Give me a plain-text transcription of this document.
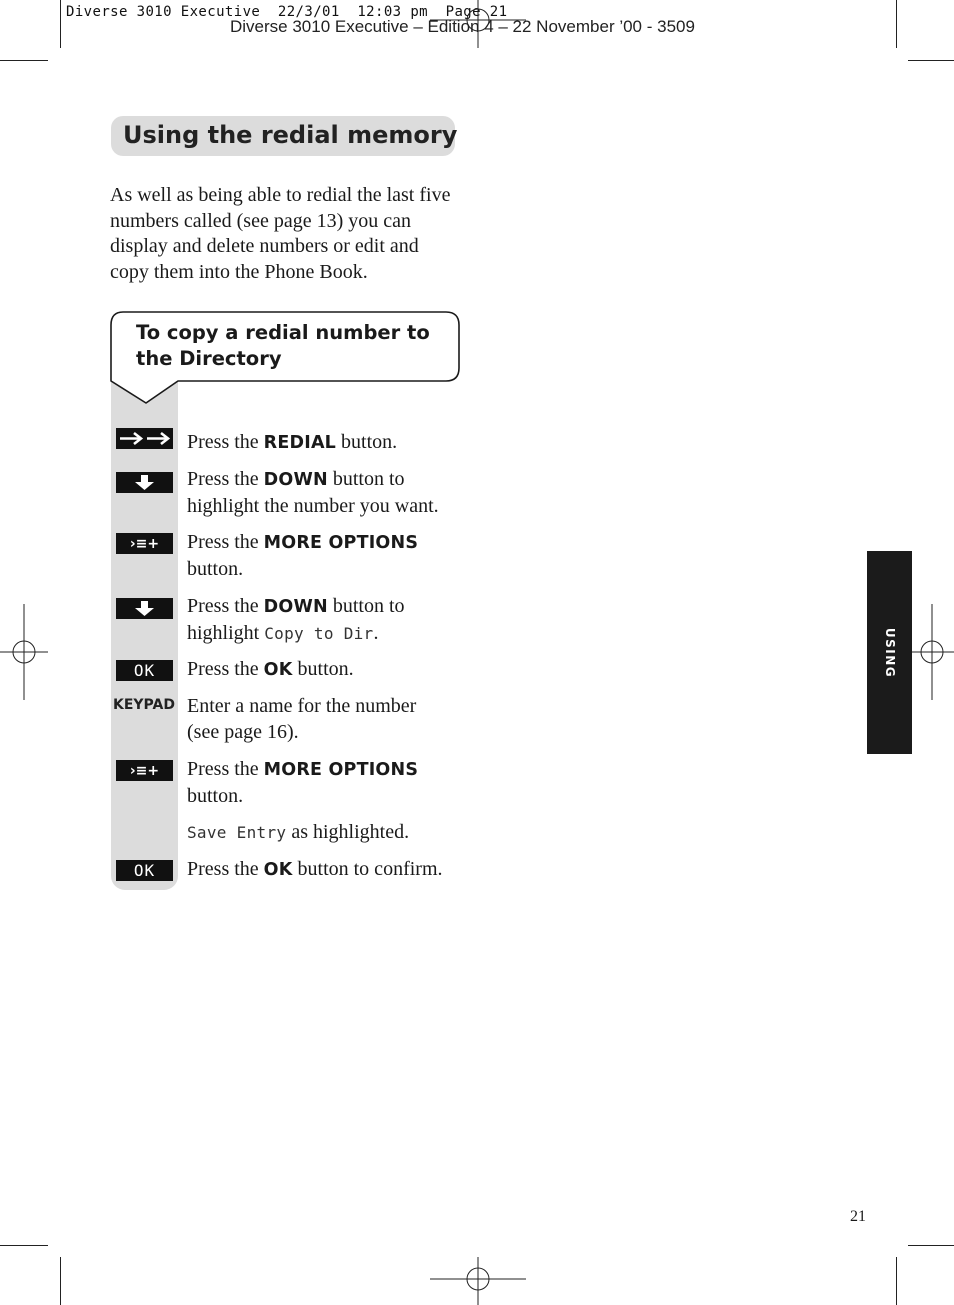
Diverse 3010 Executive – Edition 4 – 22 November ’00 - 3509
Diverse 3010 Executive  22/3/01  12:03 pm  Page 21
Using the redial memory
As well as being able to redial the last five numbers called (see page 13) you can display and delete numbers or edit and copy them into the Phone Book.
To copy a redial number to the Directory
›≡+
OK
KEYPAD
›≡+
OK
Press the REDIAL button.
Press the DOWN button to highlight the number you want.
Press the MORE OPTIONS button.
Press the DOWN button to highlight Copy to Dir.
Press the OK button.
Enter a name for the number (see page 16).
Press the MORE OPTIONS button.
Save Entry as highlighted.
Press the OK button to confirm.
USING
21
